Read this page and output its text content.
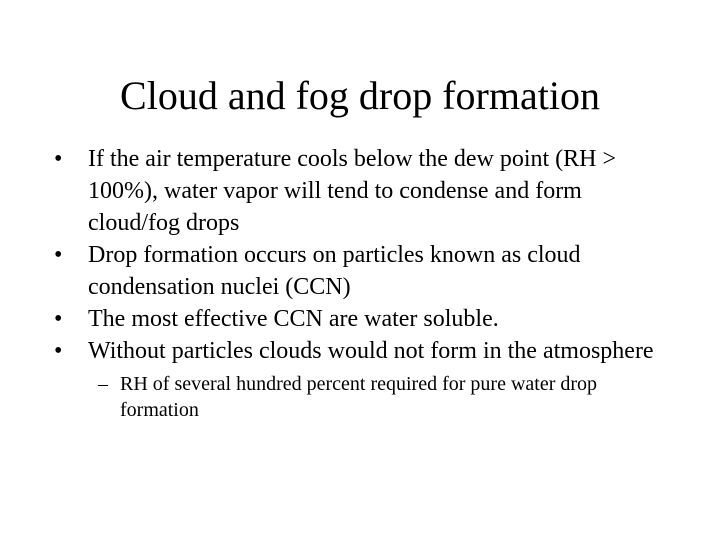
Cloud and fog drop formation
•	If the air temperature cools below the dew point (RH > 100%), water vapor will tend to condense and form cloud/fog drops
•	Drop formation occurs on particles known as cloud condensation nuclei (CCN)
•	The most effective CCN are water soluble.
•	Without particles clouds would not form in the atmosphere
– RH of several hundred percent required for pure water drop formation
